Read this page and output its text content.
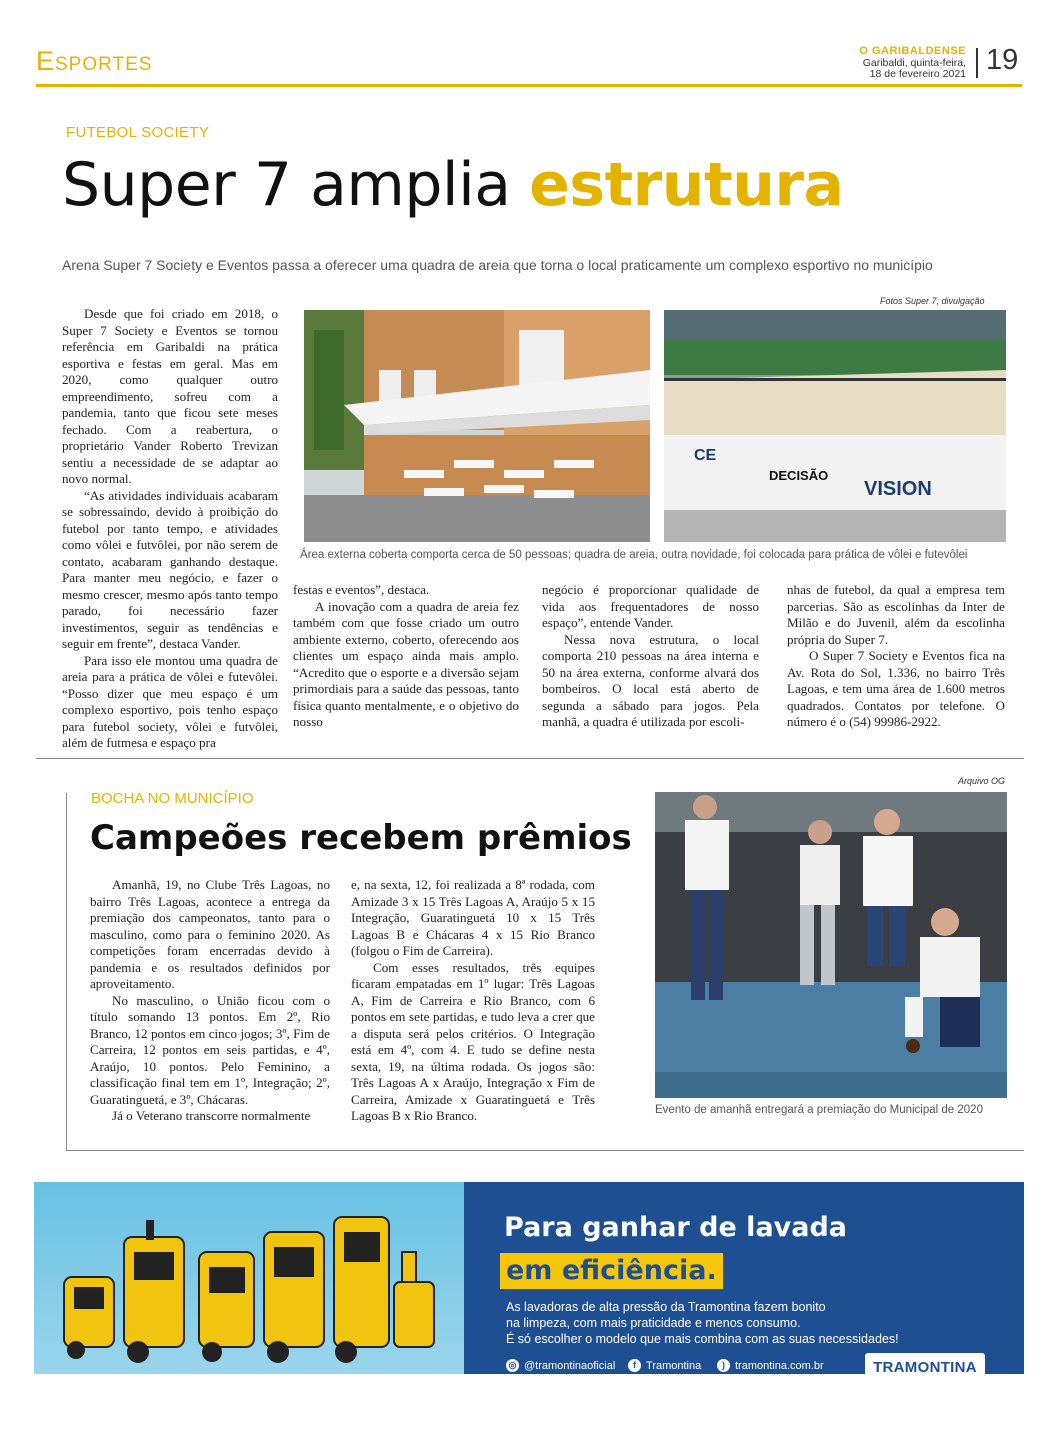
Esportes	O GARIBALDENSE
Garibaldi, quinta-feira,
18 de fevereiro 2021 19
FUTEBOL SOCIETY
Super 7 amplia estrutura
Arena Super 7 Society e Eventos passa a oferecer uma quadra de areia que torna o local praticamente um complexo esportivo no município
Fotos Super 7, divulgação
CE
DECISÃO
VISION
Área externa coberta comporta cerca de 50 pessoas; quadra de areia, outra novidade, foi colocada para prática de vôlei e futevôlei

Desde que foi criado em 2018, o Super 7 Society e Eventos se tornou referência em Garibaldi na prática esportiva e festas em geral. Mas em 2020, como qualquer outro empreendimento, sofreu com a pandemia, tanto que ficou sete meses fechado. Com a reabertura, o proprietário Vander Roberto Trevizan sentiu a necessidade de se adaptar ao novo normal.

“As atividades individuais acabaram se sobressaindo, devido à proibição do futebol por tanto tempo, e atividades como vôlei e futvôlei, por não serem de contato, acabaram ganhando destaque. Para manter meu negócio, e fazer o mesmo crescer, mesmo após tanto tempo parado, foi necessário fazer investimentos, seguir as tendências e seguir em frente”, destaca Vander.

Para isso ele montou uma quadra de areia para a prática de vôlei e futevôlei. “Posso dizer que meu espaço é um complexo esportivo, pois tenho espaço para futebol society, vôlei e futvôlei, além de futmesa e espaço pra

festas e eventos”, destaca.

A inovação com a quadra de areia fez também com que fosse criado um outro ambiente externo, coberto, oferecendo aos clientes um espaço ainda mais amplo. “Acredito que o esporte e a diversão sejam primordiais para a saúde das pessoas, tanto física quanto mentalmente, e o objetivo do nosso

negócio é proporcionar qualidade de vida aos frequentadores de nosso espaço”, entende Vander.

Nessa nova estrutura, o local comporta 210 pessoas na área interna e 50 na área externa, conforme alvará dos bombeiros. O local está aberto de segunda a sábado para jogos. Pela manhã, a quadra é utilizada por escoli-

nhas de futebol, da qual a empresa tem parcerias. São as escolinhas da Inter de Milão e do Juvenil, além da escolinha própria do Super 7.

O Super 7 Society e Eventos fica na Av. Rota do Sol, 1.336, no bairro Três Lagoas, e tem uma área de 1.600 metros quadrados. Contatos por telefone. O número é o (54) 99986-2922.

BOCHA NO MUNICÍPIO
Campeões recebem prêmios
Arquivo OG
Evento de amanhã entregará a premiação do Municipal de 2020

Amanhã, 19, no Clube Três Lagoas, no bairro Três Lagoas, acontece a entrega da premiação dos campeonatos, tanto para o masculino, como para o feminino 2020. As competições foram encerradas devido à pandemia e os resultados definidos por aproveitamento.

No masculino, o União ficou com o título somando 13 pontos. Em 2º, Rio Branco, 12 pontos em cinco jogos; 3º, Fim de Carreira, 12 pontos em seis partidas, e 4º, Araújo, 10 pontos. Pelo Feminino, a classificação final tem em 1º, Integração; 2º, Guaratinguetá, e 3º, Chácaras.

Já o Veterano transcorre normalmente

e, na sexta, 12, foi realizada a 8ª rodada, com Amizade 3 x 15 Três Lagoas A, Araújo 5 x 15 Integração, Guaratinguetá 10 x 15 Três Lagoas B e Chácaras 4 x 15 Rio Branco (folgou o Fim de Carreira).

Com esses resultados, três equipes ficaram empatadas em 1º lugar: Três Lagoas A, Fim de Carreira e Rio Branco, com 6 pontos em sete partidas, e tudo leva a crer que a disputa será pelos critérios. O Integração está em 4º, com 4. E tudo se define nesta sexta, 19, na última rodada. Os jogos são: Três Lagoas A x Araújo, Integração x Fim de Carreira, Amizade x Guaratinguetá e Três Lagoas B x Rio Branco.

Para ganhar de lavada
em eficiência.
As lavadoras de alta pressão da Tramontina fazem bonito
na limpeza, com mais praticidade e menos consumo.
É só escolher o modelo que mais combina com as suas necessidades!
◎ @tramontinaoficial	f Tramontina	) tramontina.com.br	TRAMONTINA
o prazer de fazer bonito
